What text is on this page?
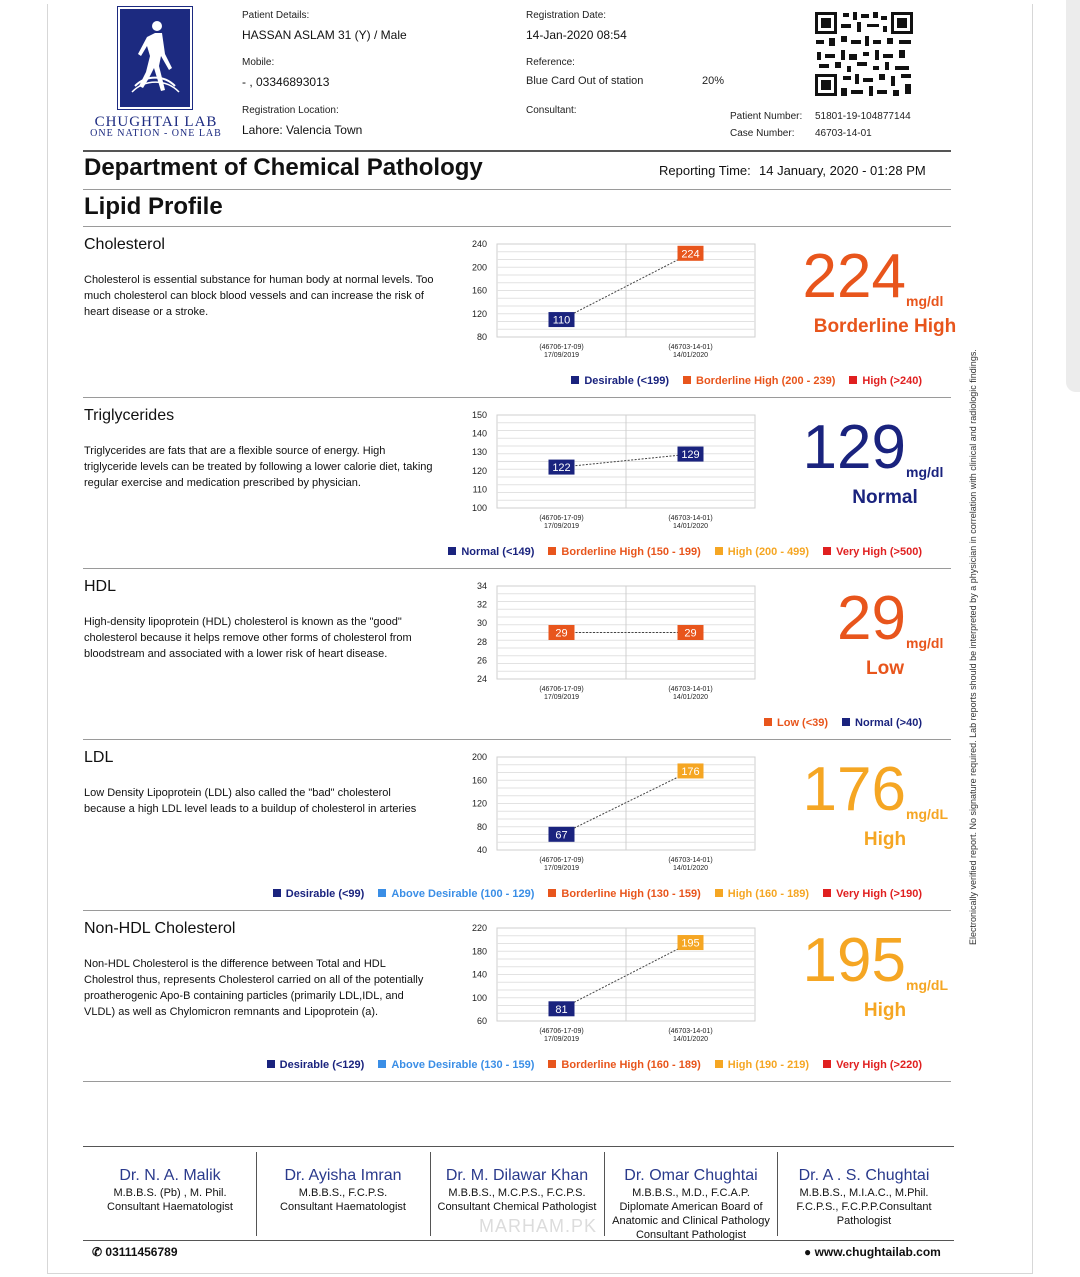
CHUGHTAI LAB
ONE NATION - ONE LAB
Patient Details:
HASSAN ASLAM 31 (Y) / Male
Mobile:
- , 03346893013
Registration Location:
Lahore: Valencia Town
Registration Date:
14-Jan-2020 08:54
Reference:
Blue Card Out of station	20%
Consultant:
Patient Number: 51801-19-104877144
Case Number: 46703-14-01
Department of Chemical Pathology	Reporting Time: 14 January, 2020 - 01:28 PM
Lipid Profile
Cholesterol
Cholesterol is essential substance for human body at normal levels. Too much cholesterol can block blood vessels and can increase the risk of heart disease or a stroke.
240
200
160
120
80
(46706-17-09)
17/09/2019
(46703-14-01)
14/01/2020
110
224	224 mg/dl
Borderline High
Desirable (<199)	Borderline High (200 - 239)	High (>240)
Triglycerides
Triglycerides are fats that are a flexible source of energy. High triglyceride levels can be treated by following a lower calorie diet, taking regular exercise and medication prescribed by physician.
150
140
130
120
110
100
(46706-17-09)
17/09/2019
(46703-14-01)
14/01/2020
122
129	129 mg/dl
Normal
Normal (<149)	Borderline High (150 - 199)	High (200 - 499)	Very High (>500)
HDL
High-density lipoprotein (HDL) cholesterol is known as the "good" cholesterol because it helps remove other forms of cholesterol from bloodstream and associated with a lower risk of heart disease.
34
32
30
28
26
24
(46706-17-09)
17/09/2019
(46703-14-01)
14/01/2020
29	29	29 mg/dl
Low
Low (<39)	Normal (>40)
LDL
Low Density Lipoprotein (LDL) also called the "bad" cholesterol because a high LDL level leads to a buildup of cholesterol in arteries
200
160
120
80
40
(46706-17-09)
17/09/2019
(46703-14-01)
14/01/2020
67
176	176 mg/dL
High
Desirable (<99)	Above Desirable (100 - 129)	Borderline High (130 - 159)	High (160 - 189)	Very High (>190)
Non-HDL Cholesterol
Non-HDL Cholesterol is the difference between Total and HDL Cholestrol thus, represents Cholesterol carried on all of the potentially proatherogenic Apo-B containing particles (primarily LDL,IDL, and VLDL) as well as Chylomicron remnants and Lipoprotein (a).
220
180
140
100
60
(46706-17-09)
17/09/2019
(46703-14-01)
14/01/2020
81
195	195 mg/dL
High
Desirable (<129)	Above Desirable (130 - 159)	Borderline High (160 - 189)	High (190 - 219)	Very High (>220)
Electronically verified report. No signature required. Lab reports should be interpreted by a physician in correlation with clinical and radiologic findings.
Dr. N. A. Malik
M.B.B.S. (Pb) , M. Phil.
Consultant Haematologist
Dr. Ayisha Imran
M.B.B.S., F.C.P.S.
Consultant Haematologist
Dr. M. Dilawar Khan
M.B.B.S., M.C.P.S., F.C.P.S.
Consultant Chemical Pathologist
Dr. Omar Chughtai
M.B.B.S., M.D., F.C.A.P.
Diplomate American Board of
Anatomic and Clinical Pathology
Consultant Pathologist
Dr. A . S. Chughtai
M.B.B.S., M.I.A.C., M.Phil.
F.C.P.S., F.C.P.P.Consultant
Pathologist
MARHAM.PK
✆ 03111456789	● www.chughtailab.com
